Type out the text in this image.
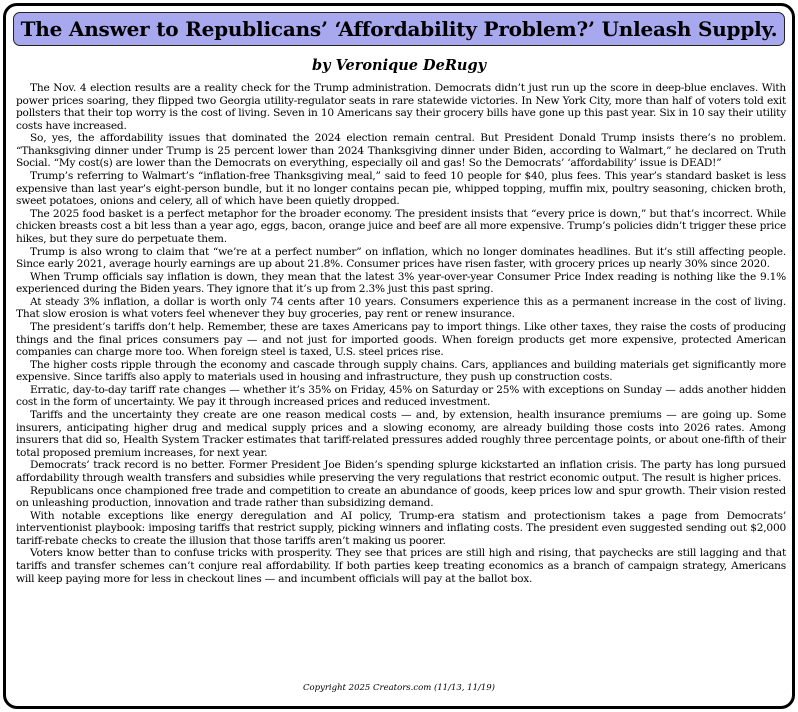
The Answer to Republicans’ ‘Affordability Problem?’ Unleash Supply.

by Veronique DeRugy

The Nov. 4 election results are a reality check for the Trump administration. Democrats didn’t just run up the score in deep-blue enclaves. With power prices soaring, they flipped two Georgia utility-regulator seats in rare statewide victories. In New York City, more than half of voters told exit pollsters that their top worry is the cost of living. Seven in 10 Americans say their grocery bills have gone up this past year. Six in 10 say their utility costs have increased.

So, yes, the affordability issues that dominated the 2024 election remain central. But President Donald Trump insists there’s no problem. “Thanksgiving dinner under Trump is 25 percent lower than 2024 Thanksgiving dinner under Biden, according to Walmart,” he declared on Truth Social. “My cost(s) are lower than the Democrats on everything, especially oil and gas! So the Democrats’ ‘affordability’ issue is DEAD!”

Trump’s referring to Walmart’s “inflation-free Thanksgiving meal,” said to feed 10 people for $40, plus fees. This year’s standard basket is less expensive than last year’s eight-person bundle, but it no longer contains pecan pie, whipped topping, muffin mix, poultry seasoning, chicken broth, sweet potatoes, onions and celery, all of which have been quietly dropped.

The 2025 food basket is a perfect metaphor for the broader economy. The president insists that “every price is down,” but that’s incorrect. While chicken breasts cost a bit less than a year ago, eggs, bacon, orange juice and beef are all more expensive. Trump’s policies didn’t trigger these price hikes, but they sure do perpetuate them.

Trump is also wrong to claim that “we’re at a perfect number” on inflation, which no longer dominates headlines. But it’s still affecting people. Since early 2021, average hourly earnings are up about 21.8%. Consumer prices have risen faster, with grocery prices up nearly 30% since 2020.

When Trump officials say inflation is down, they mean that the latest 3% year-over-year Consumer Price Index reading is nothing like the 9.1% experienced during the Biden years. They ignore that it’s up from 2.3% just this past spring.

At steady 3% inflation, a dollar is worth only 74 cents after 10 years. Consumers experience this as a permanent increase in the cost of living. That slow erosion is what voters feel whenever they buy groceries, pay rent or renew insurance.

The president’s tariffs don’t help. Remember, these are taxes Americans pay to import things. Like other taxes, they raise the costs of producing things and the final prices consumers pay — and not just for imported goods. When foreign products get more expensive, protected American companies can charge more too. When foreign steel is taxed, U.S. steel prices rise.

The higher costs ripple through the economy and cascade through supply chains. Cars, appliances and building materials get significantly more expensive. Since tariffs also apply to materials used in housing and infrastructure, they push up construction costs.

Erratic, day-to-day tariff rate changes — whether it’s 35% on Friday, 45% on Saturday or 25% with exceptions on Sunday — adds another hidden cost in the form of uncertainty. We pay it through increased prices and reduced investment.

Tariffs and the uncertainty they create are one reason medical costs — and, by extension, health insurance premiums — are going up. Some insurers, anticipating higher drug and medical supply prices and a slowing economy, are already building those costs into 2026 rates. Among insurers that did so, Health System Tracker estimates that tariff-related pressures added roughly three percentage points, or about one-fifth of their total proposed premium increases, for next year.

Democrats’ track record is no better. Former President Joe Biden’s spending splurge kickstarted an inflation crisis. The party has long pursued affordability through wealth transfers and subsidies while preserving the very regulations that restrict economic output. The result is higher prices.

Republicans once championed free trade and competition to create an abundance of goods, keep prices low and spur growth. Their vision rested on unleashing production, innovation and trade rather than subsidizing demand.

With notable exceptions like energy deregulation and AI policy, Trump-era statism and protectionism takes a page from Democrats’ interventionist playbook: imposing tariffs that restrict supply, picking winners and inflating costs. The president even suggested sending out $2,000 tariff-rebate checks to create the illusion that those tariffs aren’t making us poorer.

Voters know better than to confuse tricks with prosperity. They see that prices are still high and rising, that paychecks are still lagging and that tariffs and transfer schemes can’t conjure real affordability. If both parties keep treating economics as a branch of campaign strategy, Americans will keep paying more for less in checkout lines — and incumbent officials will pay at the ballot box.

Copyright 2025 Creators.com (11/13, 11/19)
